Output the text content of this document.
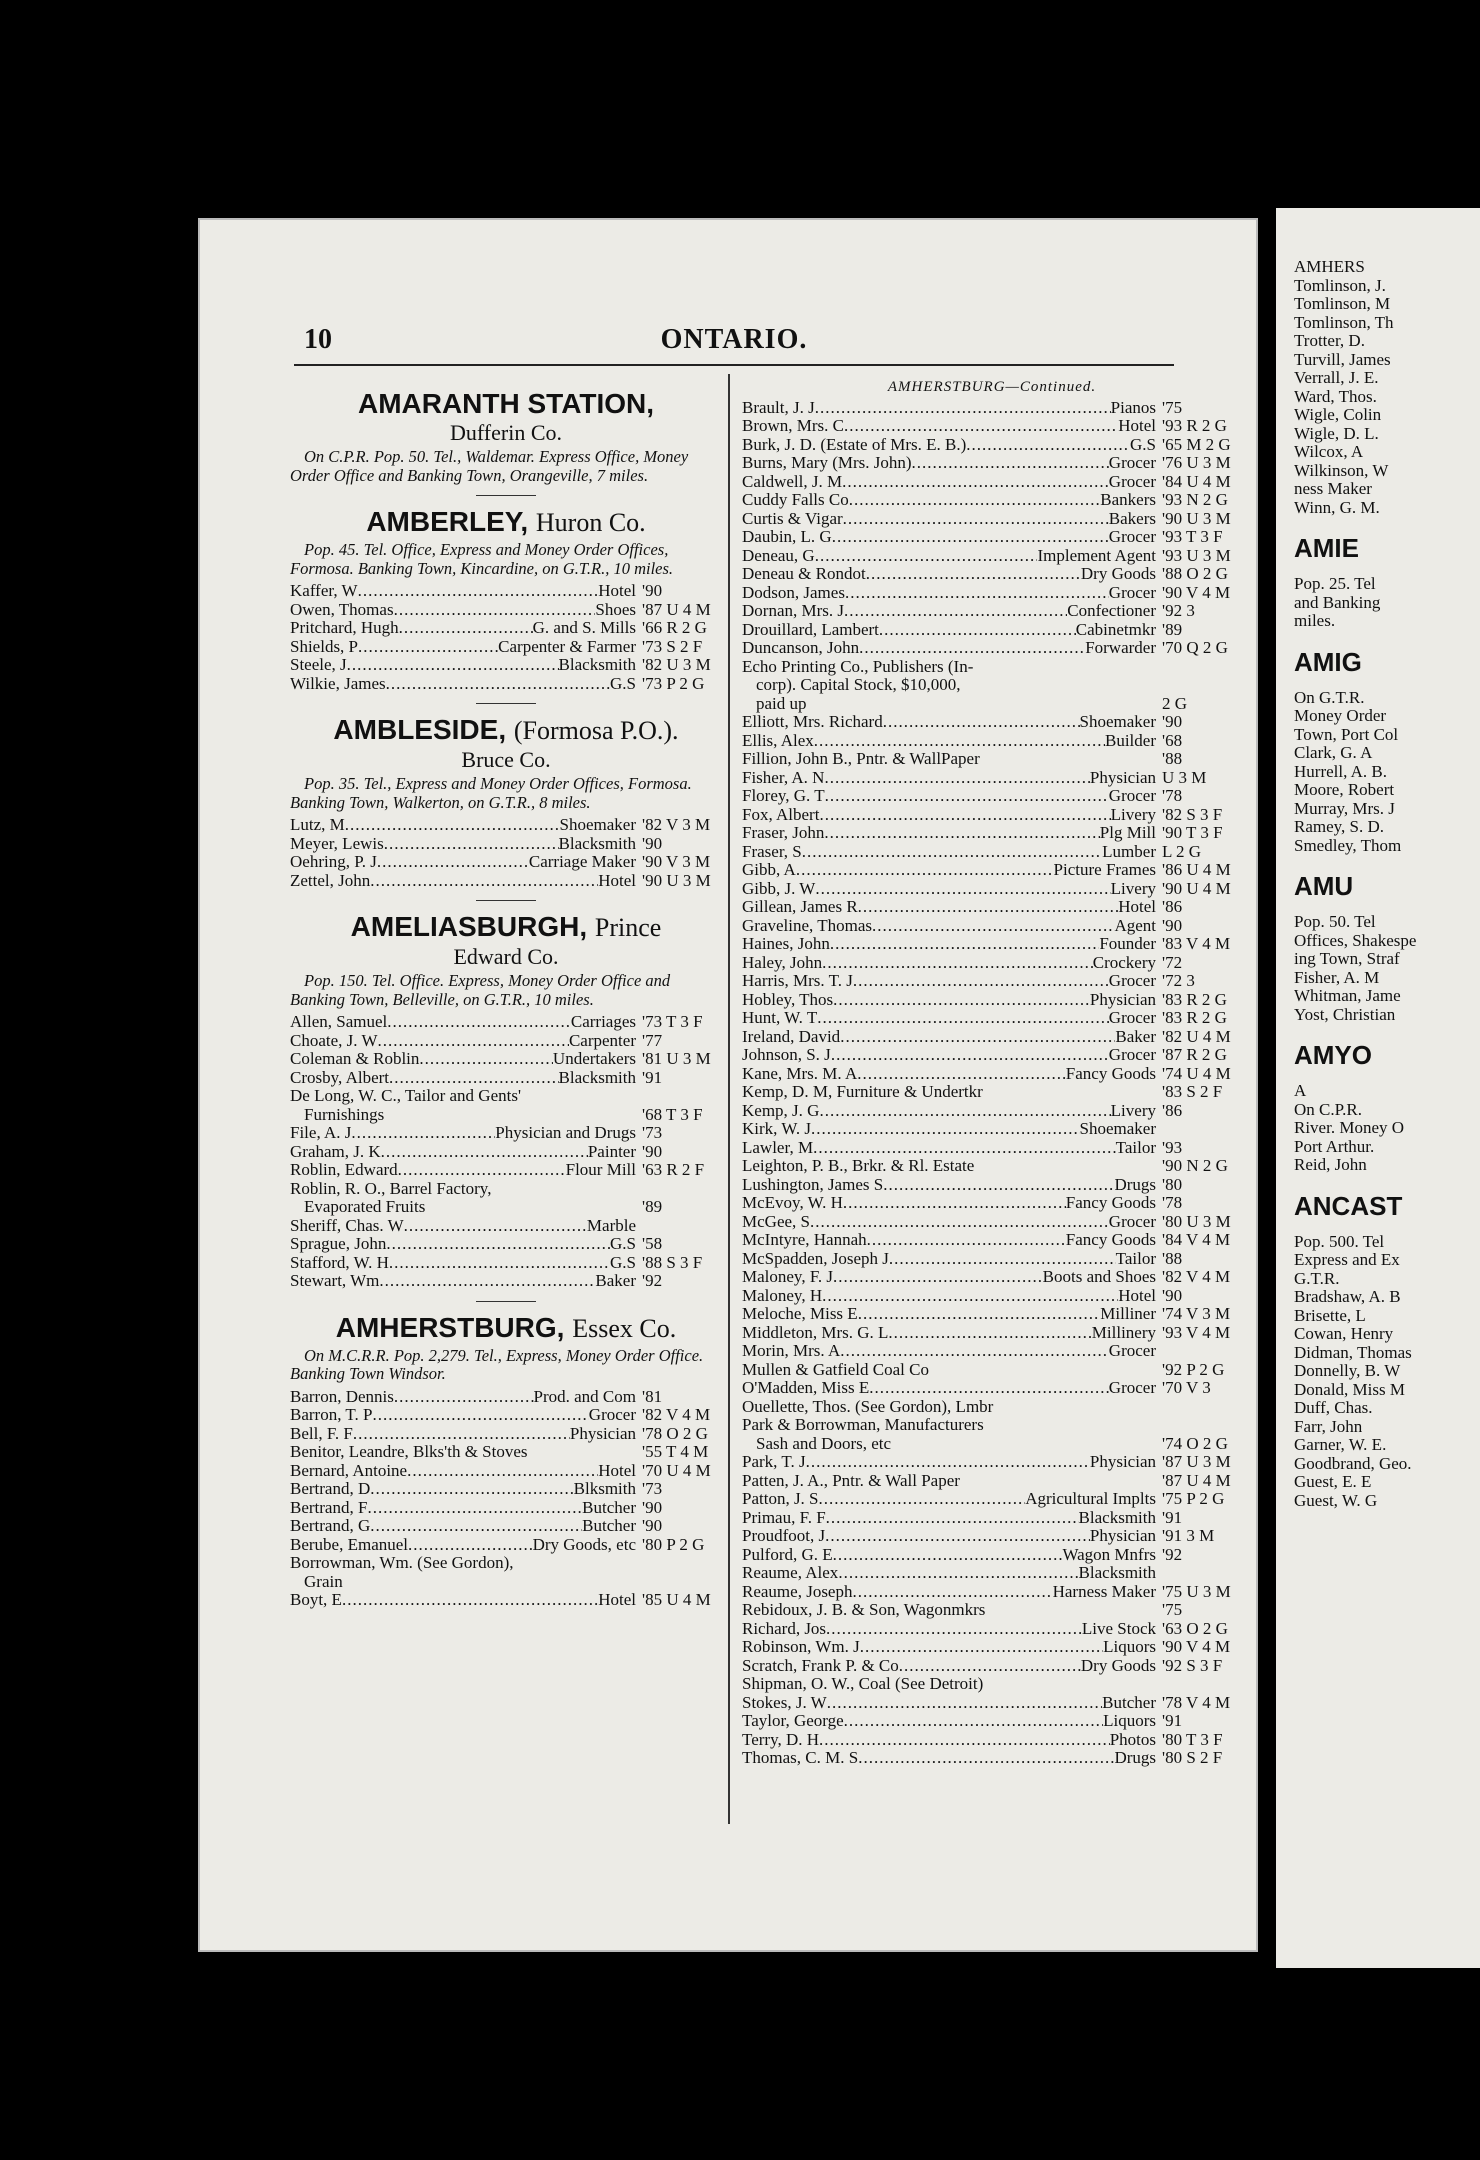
10	ONTARIO.
AMARANTH STATION,
Dufferin Co.
On C.P.R. Pop. 50. Tel., Waldemar. Express Office, Money Order Office and Banking Town, Orangeville, 7 miles.
AMBERLEY, Huron Co.
Pop. 45. Tel. Office, Express and Money Order Offices, Formosa. Banking Town, Kincardine, on G.T.R., 10 miles.
Kaffer, W .....	Hotel '90
Owen, Thomas .....	Shoes '87 U 4 M
Pritchard, Hugh .....	G. and S. Mills '66 R 2 G
Shields, P .....	Carpenter & Farmer '73 S 2 F
Steele, J .....	Blacksmith '82 U 3 M
Wilkie, James .....	G.S '73 P 2 G
AMBLESIDE, (Formosa P.O.).
Bruce Co.
Pop. 35. Tel., Express and Money Order Offices, Formosa. Banking Town, Walkerton, on G.T.R., 8 miles.
Lutz, M .....	Shoemaker '82 V 3 M
Meyer, Lewis .....	Blacksmith '90
Oehring, P. J .....	Carriage Maker '90 V 3 M
Zettel, John .....	Hotel '90 U 3 M
AMELIASBURGH, Prince
Edward Co.
Pop. 150. Tel. Office. Express, Money Order Office and Banking Town, Belleville, on G.T.R., 10 miles.
Allen, Samuel .....	Carriages '73 T 3 F
Choate, J. W .....	Carpenter '77
Coleman & Roblin .....	Undertakers '81 U 3 M
Crosby, Albert .....	Blacksmith '91
De Long, W. C., Tailor and Gents'
Furnishings	'68 T 3 F
File, A. J .....	Physician and Drugs '73
Graham, J. K .....	Painter '90
Roblin, Edward .....	Flour Mill '63 R 2 F
Roblin, R. O., Barrel Factory,
Evaporated Fruits	'89
Sheriff, Chas. W .....	Marble
Sprague, John .....	G.S '58
Stafford, W. H .....	G.S '88 S 3 F
Stewart, Wm .....	Baker '92
AMHERSTBURG, Essex Co.
On M.C.R.R. Pop. 2,279. Tel., Express, Money Order Office. Banking Town Windsor.
Barron, Dennis .....	Prod. and Com '81
Barron, T. P .....	Grocer '82 V 4 M
Bell, F. F .....	Physician '78 O 2 G
Benitor, Leandre, Blks'th & Stoves	'55 T 4 M
Bernard, Antoine .....	Hotel '70 U 4 M
Bertrand, D .....	Blksmith '73
Bertrand, F .....	Butcher '90
Bertrand, G .....	Butcher '90
Berube, Emanuel .....	Dry Goods, etc '80 P 2 G
Borrowman, Wm. (See Gordon),
Grain
Boyt, E .....	Hotel '85 U 4 M
AMHERSTBURG—Continued.
Brault, J. J .....	Pianos '75
Brown, Mrs. C .....	Hotel '93 R 2 G
Burk, J. D. (Estate of Mrs. E. B.) .....	G.S '65 M 2 G
Burns, Mary (Mrs. John) .....	Grocer '76 U 3 M
Caldwell, J. M .....	Grocer '84 U 4 M
Cuddy Falls Co .....	Bankers '93 N 2 G
Curtis & Vigar .....	Bakers '90 U 3 M
Daubin, L. G .....	Grocer '93 T 3 F
Deneau, G .....	Implement Agent '93 U 3 M
Deneau & Rondot .....	Dry Goods '88 O 2 G
Dodson, James .....	Grocer '90 V 4 M
Dornan, Mrs. J .....	Confectioner '92 3
Drouillard, Lambert .....	Cabinetmkr '89
Duncanson, John .....	Forwarder '70 Q 2 G
Echo Printing Co., Publishers (In-
corp). Capital Stock, $10,000,
paid up	2 G
Elliott, Mrs. Richard .....	Shoemaker '90
Ellis, Alex .....	Builder '68
Fillion, John B., Pntr. & WallPaper	'88
Fisher, A. N .....	Physician U 3 M
Florey, G. T .....	Grocer '78
Fox, Albert .....	Livery '82 S 3 F
Fraser, John .....	Plg Mill '90 T 3 F
Fraser, S .....	Lumber L 2 G
Gibb, A .....	Picture Frames '86 U 4 M
Gibb, J. W .....	Livery '90 U 4 M
Gillean, James R .....	Hotel '86
Graveline, Thomas .....	Agent '90
Haines, John .....	Founder '83 V 4 M
Haley, John .....	Crockery '72
Harris, Mrs. T. J .....	Grocer '72 3
Hobley, Thos .....	Physician '83 R 2 G
Hunt, W. T .....	Grocer '83 R 2 G
Ireland, David .....	Baker '82 U 4 M
Johnson, S. J .....	Grocer '87 R 2 G
Kane, Mrs. M. A .....	Fancy Goods '74 U 4 M
Kemp, D. M, Furniture & Undertkr	'83 S 2 F
Kemp, J. G .....	Livery '86
Kirk, W. J .....	Shoemaker
Lawler, M .....	Tailor '93
Leighton, P. B., Brkr. & Rl. Estate	'90 N 2 G
Lushington, James S .....	Drugs '80
McEvoy, W. H .....	Fancy Goods '78
McGee, S .....	Grocer '80 U 3 M
McIntyre, Hannah .....	Fancy Goods '84 V 4 M
McSpadden, Joseph J .....	Tailor '88
Maloney, F. J .....	Boots and Shoes '82 V 4 M
Maloney, H .....	Hotel '90
Meloche, Miss E .....	Milliner '74 V 3 M
Middleton, Mrs. G. L .....	Millinery '93 V 4 M
Morin, Mrs. A .....	Grocer
Mullen & Gatfield Coal Co	'92 P 2 G
O'Madden, Miss E .....	Grocer '70 V 3
Ouellette, Thos. (See Gordon), Lmbr
Park & Borrowman, Manufacturers
Sash and Doors, etc	'74 O 2 G
Park, T. J .....	Physician '87 U 3 M
Patten, J. A., Pntr. & Wall Paper	'87 U 4 M
Patton, J. S .....	Agricultural Implts '75 P 2 G
Primau, F. F .....	Blacksmith '91
Proudfoot, J .....	Physician '91 3 M
Pulford, G. E .....	Wagon Mnfrs '92
Reaume, Alex .....	Blacksmith
Reaume, Joseph .....	Harness Maker '75 U 3 M
Rebidoux, J. B. & Son, Wagonmkrs	'75
Richard, Jos .....	Live Stock '63 O 2 G
Robinson, Wm. J .....	Liquors '90 V 4 M
Scratch, Frank P. & Co .....	Dry Goods '92 S 3 F
Shipman, O. W., Coal (See Detroit)
Stokes, J. W .....	Butcher '78 V 4 M
Taylor, George .....	Liquors '91
Terry, D. H .....	Photos '80 T 3 F
Thomas, C. M. S .....	Drugs '80 S 2 F
AMHERS
Tomlinson, J.
Tomlinson, M
Tomlinson, Th
Trotter, D.
Turvill, James
Verrall, J. E.
Ward, Thos.
Wigle, Colin
Wigle, D. L.
Wilcox, A
Wilkinson, W
ness Maker
Winn, G. M.
AMIE
Pop. 25. Tel
and Banking
miles.
AMIG
On G.T.R.
Money Order
Town, Port Col
Clark, G. A
Hurrell, A. B.
Moore, Robert
Murray, Mrs. J
Ramey, S. D.
Smedley, Thom
AMU
Pop. 50. Tel
Offices, Shakespe
ing Town, Straf
Fisher, A. M
Whitman, Jame
Yost, Christian
AMYO
A
On C.P.R.
River. Money O
Port Arthur.
Reid, John
ANCAST
Pop. 500. Tel
Express and Ex
G.T.R.
Bradshaw, A. B
Brisette, L
Cowan, Henry
Didman, Thomas
Donnelly, B. W
Donald, Miss M
Duff, Chas.
Farr, John
Garner, W. E.
Goodbrand, Geo.
Guest, E. E
Guest, W. G
